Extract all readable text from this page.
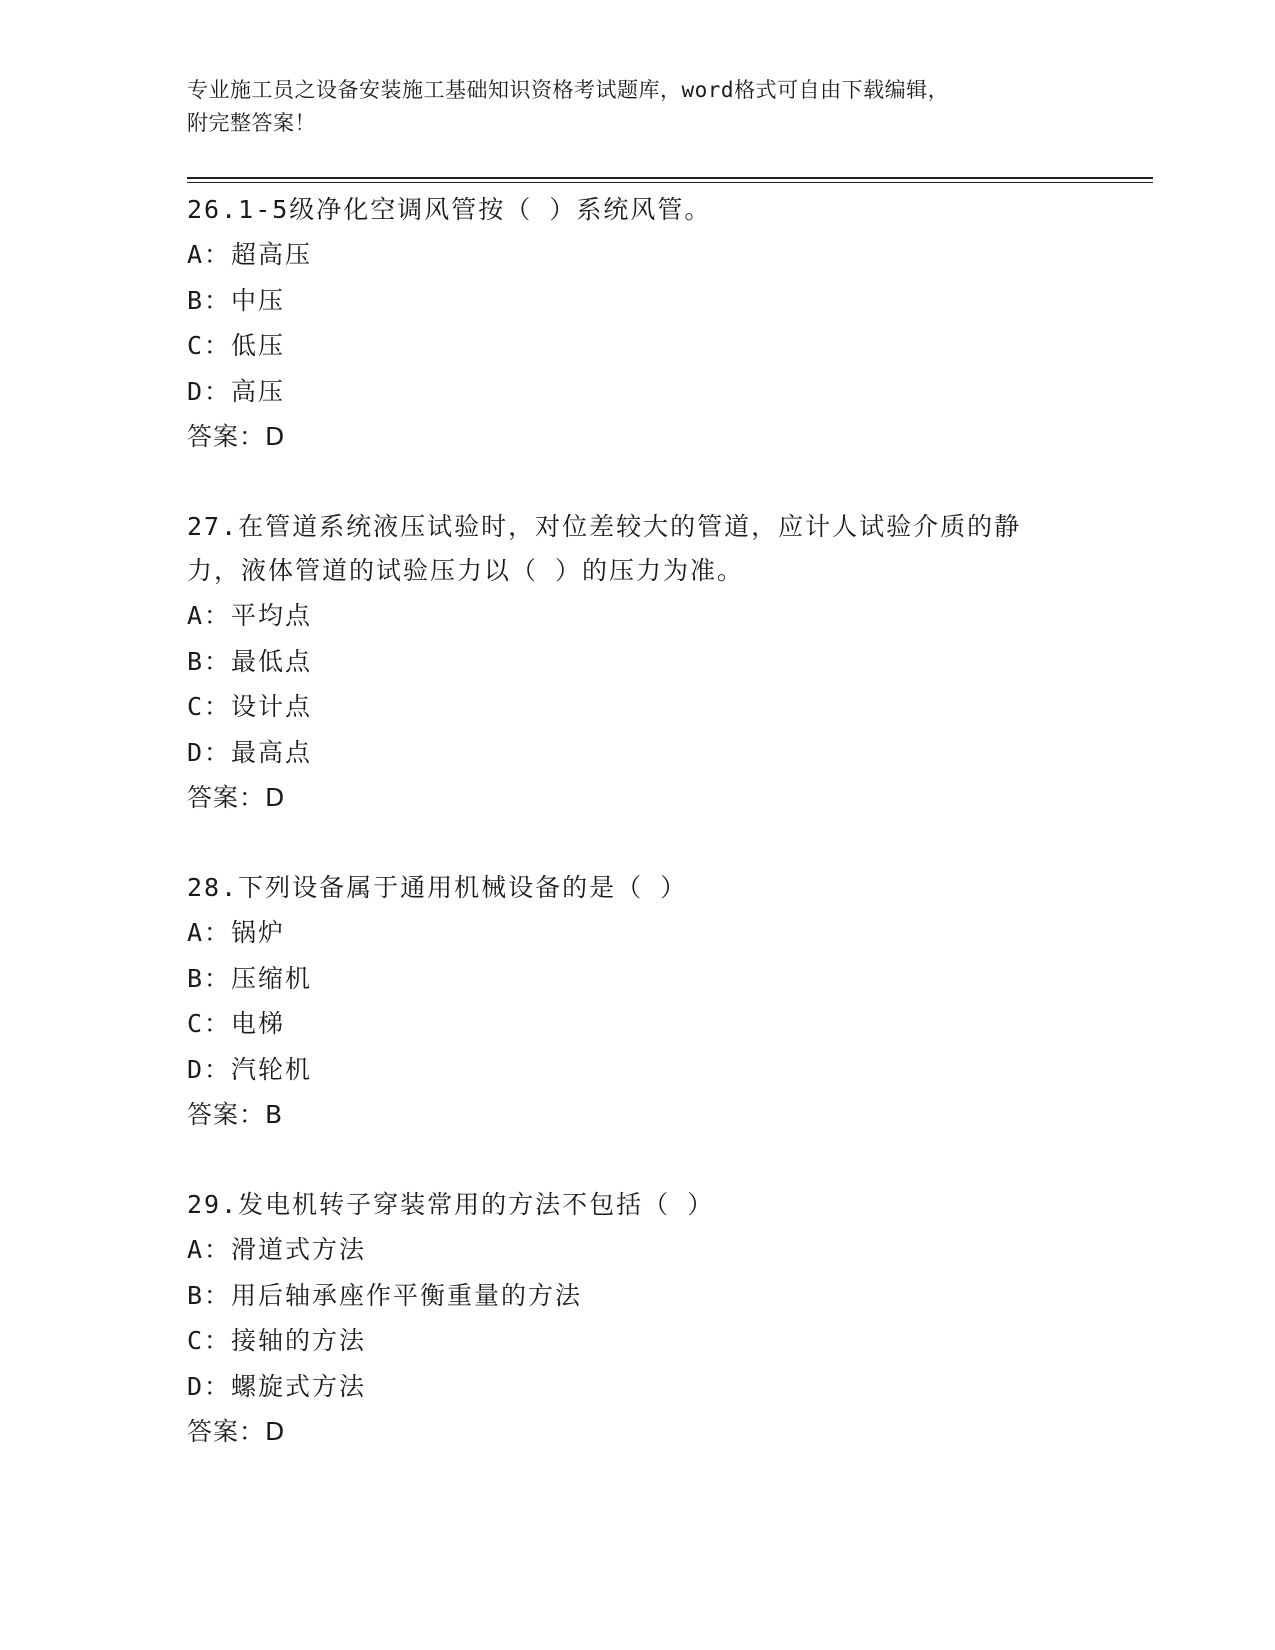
专业施工员之设备安装施工基础知识资格考试题库，word格式可自由下载编辑，
附完整答案！
26.1-5级净化空调风管按（ ）系统风管。
A：超高压
B：中压
C：低压
D：高压
答案：D
27.在管道系统液压试验时，对位差较大的管道，应计人试验介质的静
力，液体管道的试验压力以（ ）的压力为准。
A：平均点
B：最低点
C：设计点
D：最高点
答案：D
28.下列设备属于通用机械设备的是（ ）
A：锅炉
B：压缩机
C：电梯
D：汽轮机
答案：B
29.发电机转子穿装常用的方法不包括（ ）
A：滑道式方法
B：用后轴承座作平衡重量的方法
C：接轴的方法
D：螺旋式方法
答案：D
